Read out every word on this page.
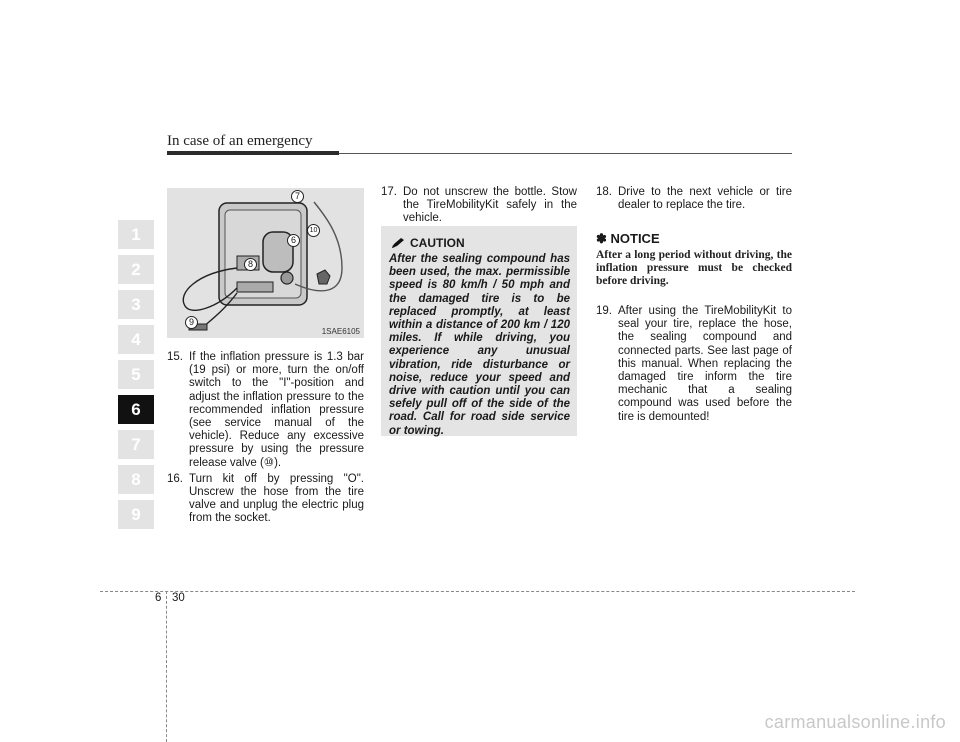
In case of an emergency
1
2
3
4
5
6
7
8
9
7
6
10
8
9
1SAE6105
15. If the inflation pressure is 1.3 bar (19 psi) or more, turn the on/off switch to the "I"-position and adjust the inflation pressure to the recommended inflation pressure (see service manual of the vehicle). Reduce any excessive pressure by using the pressure release valve (⑩).
16. Turn kit off by pressing "O". Unscrew the hose from the tire valve and unplug the electric plug from the socket.
17. Do not unscrew the bottle. Stow the TireMobilityKit safely in the vehicle.
CAUTION
After the sealing compound has been used, the max. permissible speed is 80 km/h / 50 mph and the damaged tire is to be replaced promptly, at least within a distance of 200 km / 120 miles. If while driving, you experience any unusual vibration, ride disturbance or noise, reduce your speed and drive with caution until you can sefely pull off of the side of the road. Call for road side service or towing.
18. Drive to the next vehicle or tire dealer to replace the tire.
✽ NOTICE
After a long period without driving, the inflation pressure must be checked before driving.
19. After using the TireMobilityKit to seal your tire, replace the hose, the sealing compound and connected parts. See last page of this manual. When replacing the damaged tire inform the tire mechanic that a sealing compound was used before the tire is demounted!
6 30
carmanualsonline.info
